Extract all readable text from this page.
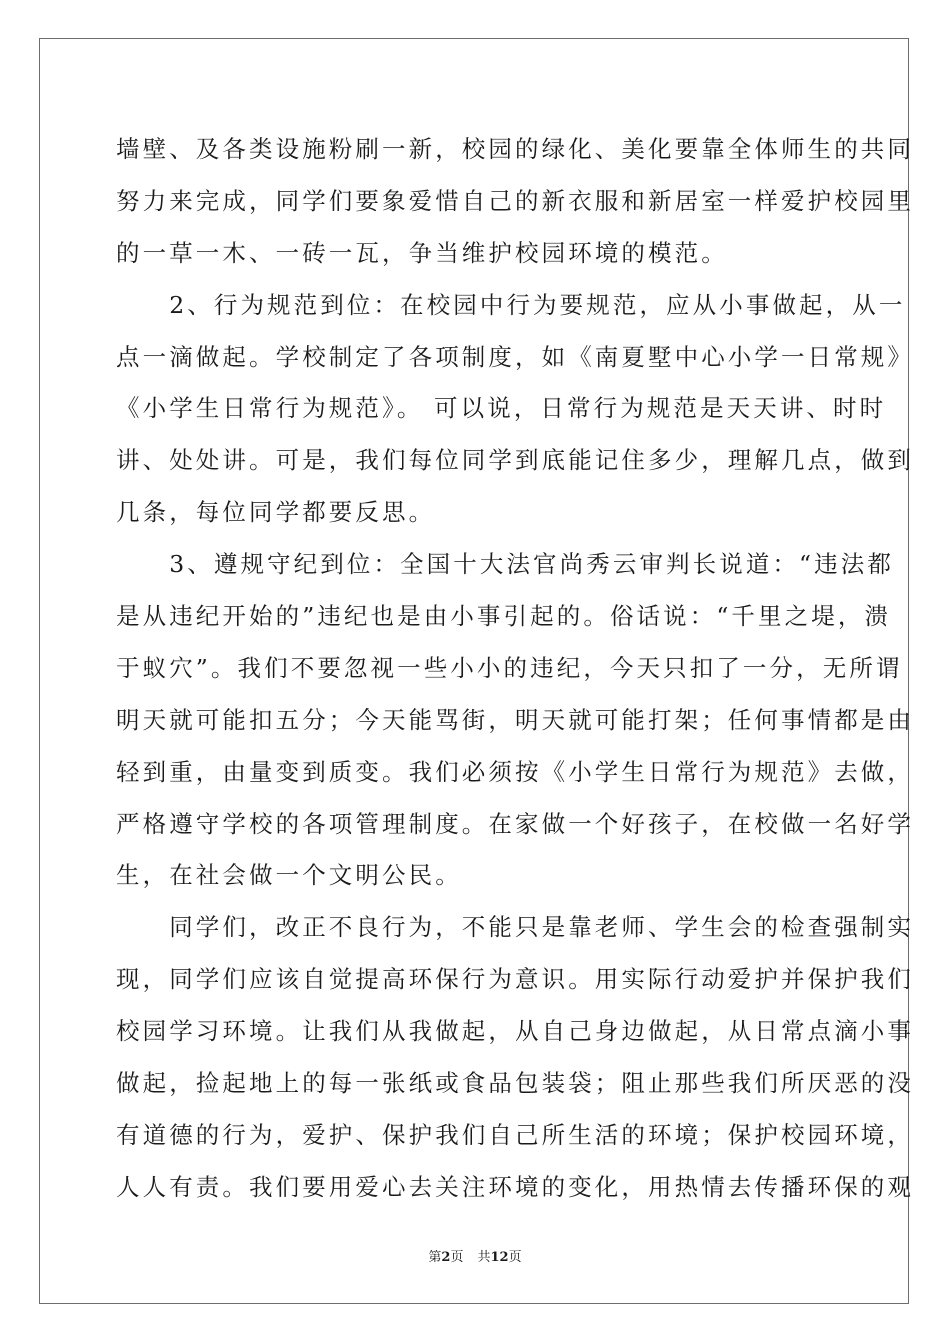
墙壁、及各类设施粉刷一新，校园的绿化、美化要靠全体师生的共同
努力来完成，同学们要象爱惜自己的新衣服和新居室一样爱护校园里
的一草一木、一砖一瓦，争当维护校园环境的模范。
　　2、行为规范到位：在校园中行为要规范，应从小事做起，从一
点一滴做起。学校制定了各项制度，如《南夏墅中心小学一日常规》
《小学生日常行为规范》。 可以说，日常行为规范是天天讲、时时
讲、处处讲。可是，我们每位同学到底能记住多少，理解几点，做到
几条，每位同学都要反思。
　　3、遵规守纪到位：全国十大法官尚秀云审判长说道：“违法都
是从违纪开始的”违纪也是由小事引起的。俗话说：“千里之堤，溃
于蚁穴”。我们不要忽视一些小小的违纪，今天只扣了一分，无所谓
明天就可能扣五分；今天能骂街，明天就可能打架；任何事情都是由
轻到重，由量变到质变。我们必须按《小学生日常行为规范》去做，
严格遵守学校的各项管理制度。在家做一个好孩子，在校做一名好学
生，在社会做一个文明公民。
　　同学们，改正不良行为，不能只是靠老师、学生会的检查强制实
现，同学们应该自觉提高环保行为意识。用实际行动爱护并保护我们
校园学习环境。让我们从我做起，从自己身边做起，从日常点滴小事
做起，捡起地上的每一张纸或食品包装袋；阻止那些我们所厌恶的没
有道德的行为，爱护、保护我们自己所生活的环境；保护校园环境，
人人有责。我们要用爱心去关注环境的变化，用热情去传播环保的观
第2页 共12页
